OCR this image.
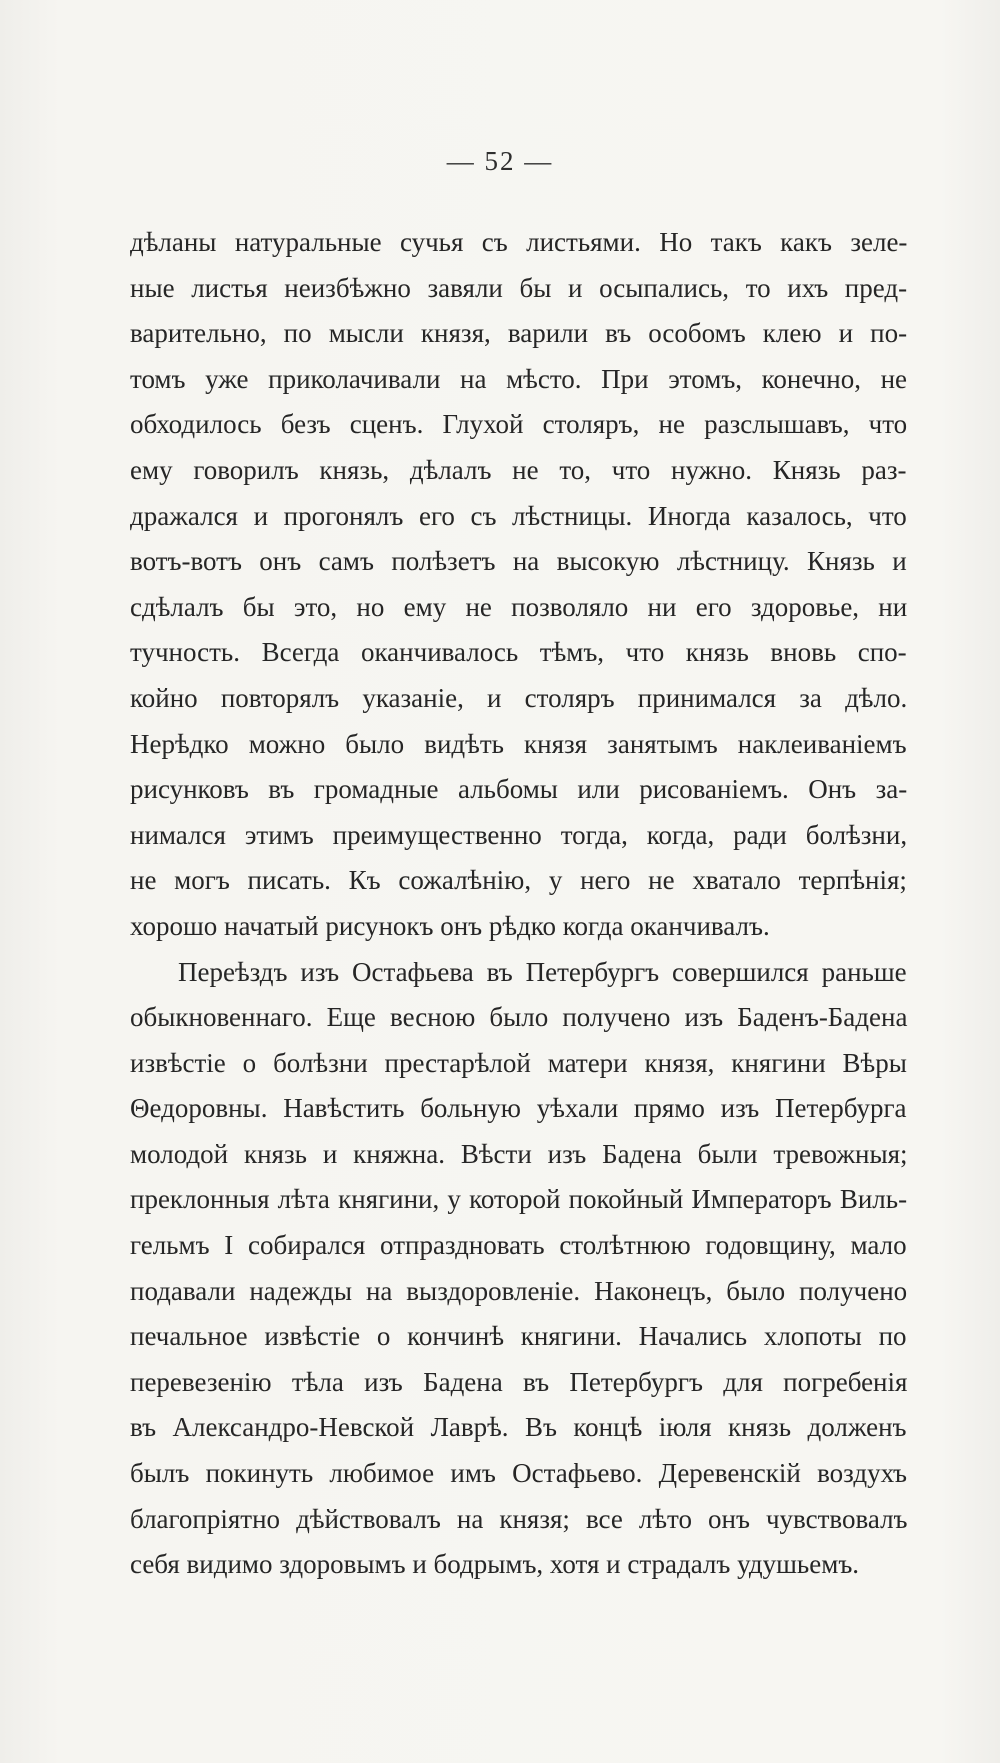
— 52 —
дѣланы натуральные сучья съ листьями. Но такъ какъ зеле-
ные листья неизбѣжно завяли бы и осыпались, то ихъ пред-
варительно, по мысли князя, варили въ особомъ клею и по-
томъ уже приколачивали на мѣсто. При этомъ, конечно, не
обходилось безъ сценъ. Глухой столяръ, не разслышавъ, что
ему говорилъ князь, дѣлалъ не то, что нужно. Князь раз-
дражался и прогонялъ его съ лѣстницы. Иногда казалось, что
вотъ-вотъ онъ самъ полѣзетъ на высокую лѣстницу. Князь и
сдѣлалъ бы это, но ему не позволяло ни его здоровье, ни
тучность. Всегда оканчивалось тѣмъ, что князь вновь спо-
койно повторялъ указаніе, и столяръ принимался за дѣло.
Нерѣдко можно было видѣть князя занятымъ наклеиваніемъ
рисунковъ въ громадные альбомы или рисованіемъ. Онъ за-
нимался этимъ преимущественно тогда, когда, ради болѣзни,
не могъ писать. Къ сожалѣнію, у него не хватало терпѣнія;
хорошо начатый рисунокъ онъ рѣдко когда оканчивалъ.
Переѣздъ изъ Остафьева въ Петербургъ совершился раньше
обыкновеннаго. Еще весною было получено изъ Баденъ-Бадена
извѣстіе о болѣзни престарѣлой матери князя, княгини Вѣры
Θедоровны. Навѣстить больную уѣхали прямо изъ Петербурга
молодой князь и княжна. Вѣсти изъ Бадена были тревожныя;
преклонныя лѣта княгини, у которой покойный Императоръ Виль-
гельмъ I собирался отпраздновать столѣтнюю годовщину, мало
подавали надежды на выздоровленіе. Наконецъ, было получено
печальное извѣстіе о кончинѣ княгини. Начались хлопоты по
перевезенію тѣла изъ Бадена въ Петербургъ для погребенія
въ Александро-Невской Лаврѣ. Въ концѣ іюля князь долженъ
былъ покинуть любимое имъ Остафьево. Деревенскій воздухъ
благопріятно дѣйствовалъ на князя; все лѣто онъ чувствовалъ
себя видимо здоровымъ и бодрымъ, хотя и страдалъ удушьемъ.
